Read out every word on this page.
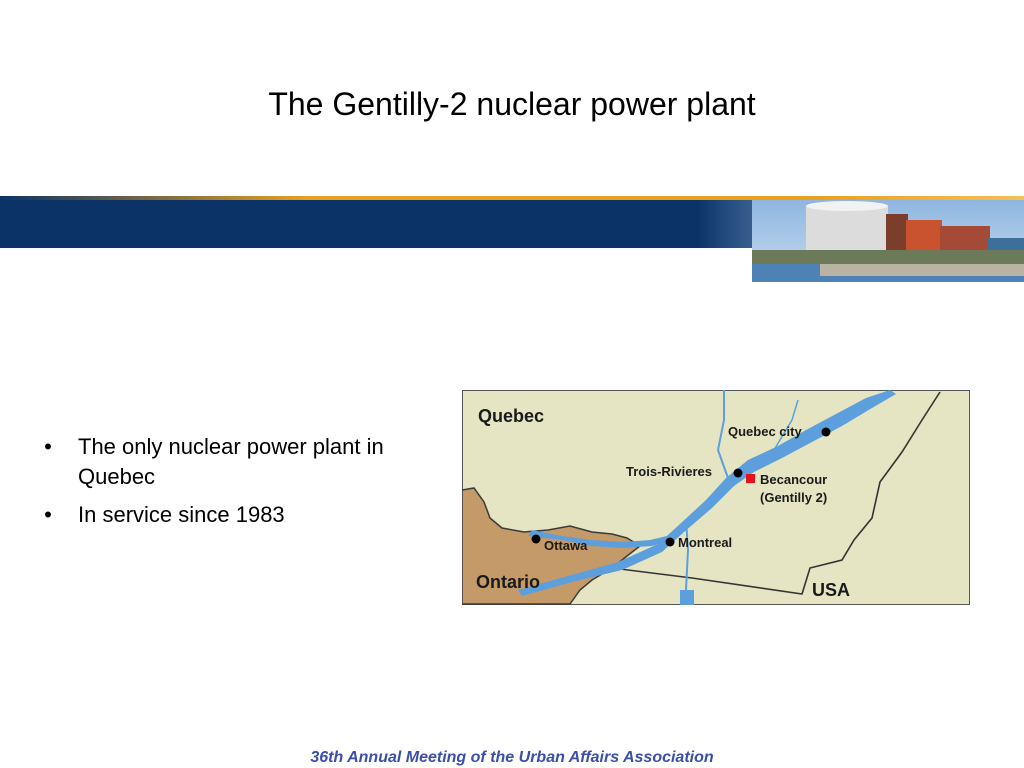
The Gentilly-2 nuclear power plant
• The only nuclear power plant in Quebec
• In service since 1983
Quebec
Quebec city
Trois-Rivieres
Becancour
(Gentilly 2)
Ottawa	Montreal
Ontario	USA
36th Annual Meeting of the Urban Affairs Association
